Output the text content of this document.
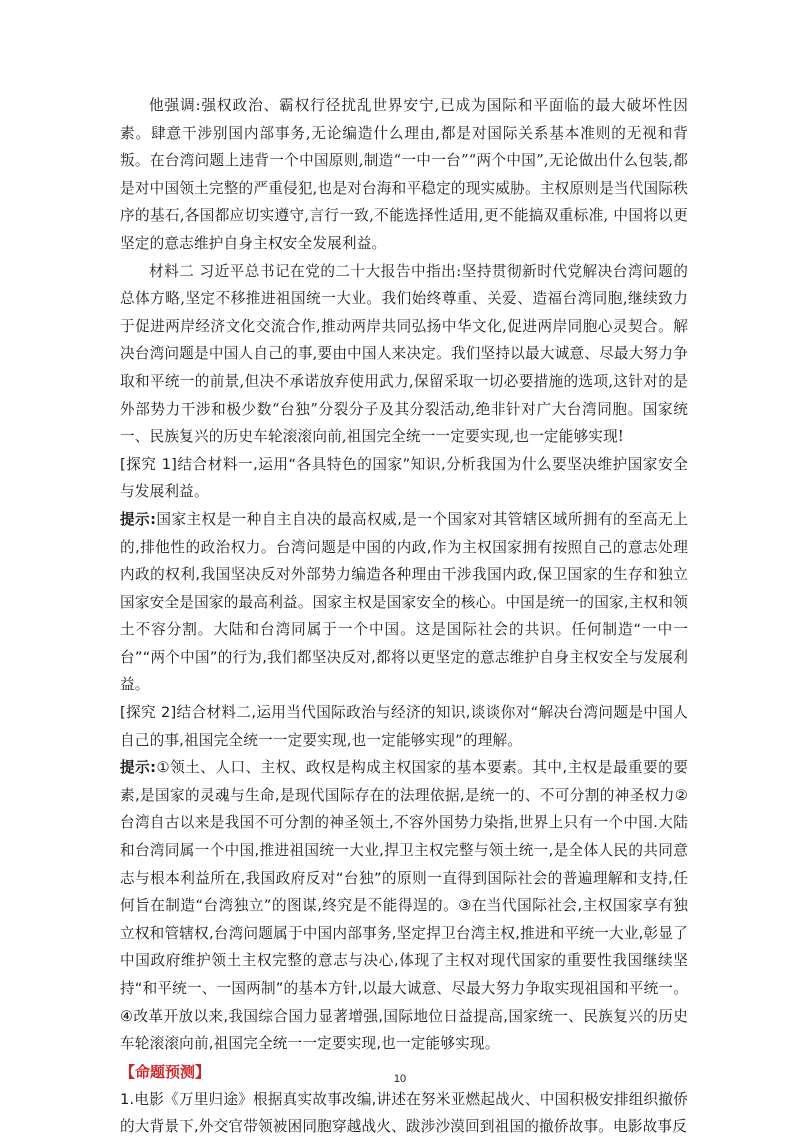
他强调:强权政治、霸权行径扰乱世界安宁,已成为国际和平面临的最大破坏性因素。肆意干涉别国内部事务,无论编造什么理由,都是对国际关系基本准则的无视和背叛。在台湾问题上违背一个中国原则,制造“一中一台”“两个中国”,无论做出什么包装,都是对中国领土完整的严重侵犯,也是对台海和平稳定的现实威胁。主权原则是当代国际秩序的基石,各国都应切实遵守,言行一致,不能选择性适用,更不能搞双重标准, 中国将以更坚定的意志维护自身主权安全发展利益。

材料二 习近平总书记在党的二十大报告中指出:坚持贯彻新时代党解决台湾问题的总体方略,坚定不移推进祖国统一大业。我们始终尊重、关爱、造福台湾同胞,继续致力于促进两岸经济文化交流合作,推动两岸共同弘扬中华文化,促进两岸同胞心灵契合。解决台湾问题是中国人自己的事,要由中国人来决定。我们坚持以最大诚意、尽最大努力争取和平统一的前景,但决不承诺放弃使用武力,保留采取一切必要措施的选项,这针对的是外部势力干涉和极少数“台独”分裂分子及其分裂活动,绝非针对广大台湾同胞。国家统一、民族复兴的历史车轮滚滚向前,祖国完全统一一定要实现,也一定能够实现!

[探究 1]结合材料一,运用“各具特色的国家”知识,分析我国为什么要坚决维护国家安全与发展利益。

提示:国家主权是一种自主自决的最高权威,是一个国家对其管辖区域所拥有的至高无上的,排他性的政治权力。台湾问题是中国的内政,作为主权国家拥有按照自己的意志处理内政的权利,我国坚决反对外部势力编造各种理由干涉我国内政,保卫国家的生存和独立国家安全是国家的最高利益。国家主权是国家安全的核心。中国是统一的国家,主权和领土不容分割。大陆和台湾同属于一个中国。这是国际社会的共识。任何制造“一中一台”“两个中国”的行为,我们都坚决反对,都将以更坚定的意志维护自身主权安全与发展利益。

[探究 2]结合材料二,运用当代国际政治与经济的知识,谈谈你对“解决台湾问题是中国人自己的事,祖国完全统一一定要实现,也一定能够实现”的理解。

提示:①领土、人口、主权、政权是构成主权国家的基本要素。其中,主权是最重要的要素,是国家的灵魂与生命,是现代国际存在的法理依据,是统一的、不可分割的神圣权力②台湾自古以来是我国不可分割的神圣领土,不容外国势力染指,世界上只有一个中国.大陆和台湾同属一个中国,推进祖国统一大业,捍卫主权完整与领土统一,是全体人民的共同意志与根本利益所在,我国政府反对“台独”的原则一直得到国际社会的普遍理解和支持,任何旨在制造“台湾独立”的图谋,终究是不能得逞的。③在当代国际社会,主权国家享有独立权和管辖权,台湾问题属于中国内部事务,坚定捍卫台湾主权,推进和平统一大业,彰显了中国政府维护领土主权完整的意志与决心,体现了主权对现代国家的重要性我国继续坚持“和平统一、一国两制”的基本方针,以最大诚意、尽最大努力争取实现祖国和平统一。④改革开放以来,我国综合国力显著增强,国际地位日益提高,国家统一、民族复兴的历史车轮滚滚向前,祖国完全统一一定要实现,也一定能够实现。

【命题预测】

1.电影《万里归途》根据真实故事改编,讲述在努米亚燃起战火、中国积极安排组织撤侨的大背景下,外交官带领被困同胞穿越战火、跋涉沙漠回到祖国的撤侨故事。电影故事反

10
